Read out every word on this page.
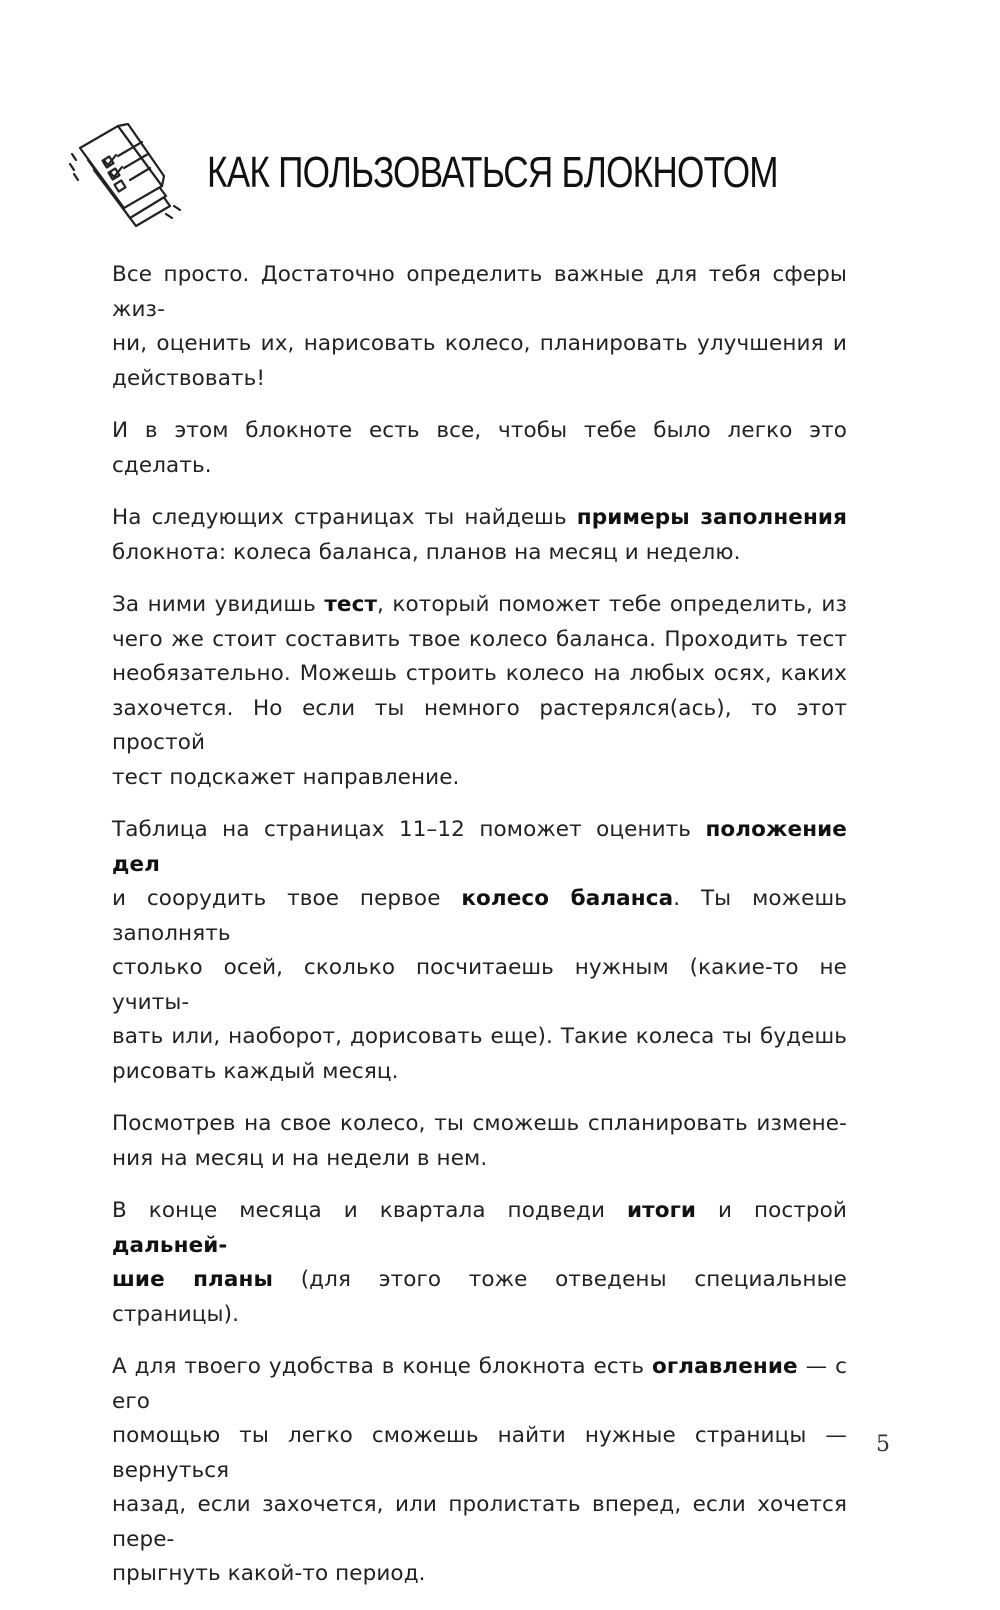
КАК ПОЛЬЗОВАТЬСЯ БЛОКНОТОМ

Все просто. Достаточно определить важные для тебя сферы жиз-
ни, оценить их, нарисовать колесо, планировать улучшения и
действовать!

И в этом блокноте есть все, чтобы тебе было легко это сделать.

На следующих страницах ты найдешь примеры заполнения
блокнота: колеса баланса, планов на месяц и неделю.

За ними увидишь тест, который поможет тебе определить, из
чего же стоит составить твое колесо баланса. Проходить тест
необязательно. Можешь строить колесо на любых осях, каких
захочется. Но если ты немного растерялся(ась), то этот простой
тест подскажет направление.

Таблица на страницах 11–12 поможет оценить положение дел
и соорудить твое первое колесо баланса. Ты можешь заполнять
столько осей, сколько посчитаешь нужным (какие-то не учиты-
вать или, наоборот, дорисовать еще). Такие колеса ты будешь
рисовать каждый месяц.

Посмотрев на свое колесо, ты сможешь спланировать измене-
ния на месяц и на недели в нем.

В конце месяца и квартала подведи итоги и построй дальней-
шие планы (для этого тоже отведены специальные страницы).

А для твоего удобства в конце блокнота есть оглавление — с его
помощью ты легко сможешь найти нужные страницы — вернуться
назад, если захочется, или пролистать вперед, если хочется пере-
прыгнуть какой-то период.

5
